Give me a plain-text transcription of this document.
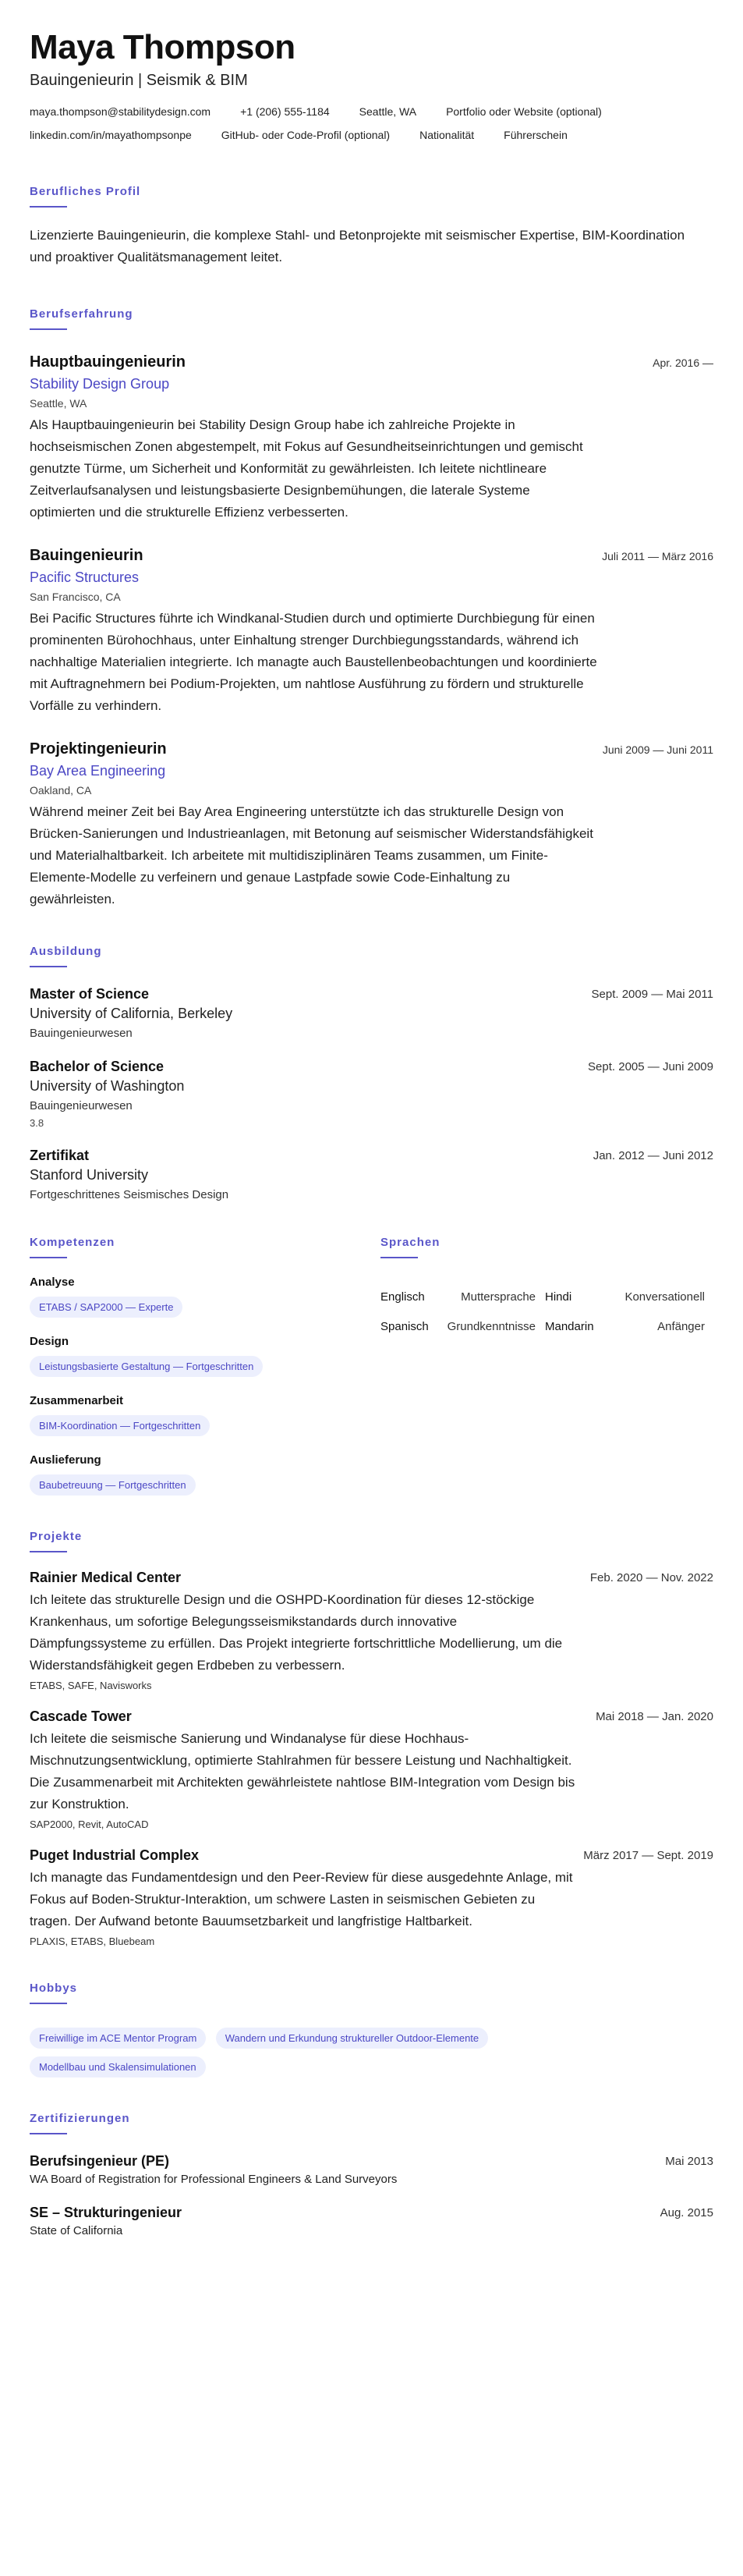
Maya Thompson
Bauingenieurin | Seismik & BIM
maya.thompson@stabilitydesign.com	+1 (206) 555-1184	Seattle, WA	Portfolio oder Website (optional)
linkedin.com/in/mayathompsonpe	GitHub- oder Code-Profil (optional)	Nationalität	Führerschein
Berufliches Profil
Lizenzierte Bauingenieurin, die komplexe Stahl- und Betonprojekte mit seismischer Expertise, BIM-Koordination und proaktiver Qualitätsmanagement leitet.
Berufserfahrung
Hauptbauingenieurin	Apr. 2016 —
Stability Design Group
Seattle, WA
Als Hauptbauingenieurin bei Stability Design Group habe ich zahlreiche Projekte in hochseismischen Zonen abgestempelt, mit Fokus auf Gesundheitseinrichtungen und gemischt genutzte Türme, um Sicherheit und Konformität zu gewährleisten. Ich leitete nichtlineare Zeitverlaufsanalysen und leistungsbasierte Designbemühungen, die laterale Systeme optimierten und die strukturelle Effizienz verbesserten.
Bauingenieurin	Juli 2011 — März 2016
Pacific Structures
San Francisco, CA
Bei Pacific Structures führte ich Windkanal-Studien durch und optimierte Durchbiegung für einen prominenten Bürohochhaus, unter Einhaltung strenger Durchbiegungsstandards, während ich nachhaltige Materialien integrierte. Ich managte auch Baustellenbeobachtungen und koordinierte mit Auftragnehmern bei Podium-Projekten, um nahtlose Ausführung zu fördern und strukturelle Vorfälle zu verhindern.
Projektingenieurin	Juni 2009 — Juni 2011
Bay Area Engineering
Oakland, CA
Während meiner Zeit bei Bay Area Engineering unterstützte ich das strukturelle Design von Brücken-Sanierungen und Industrieanlagen, mit Betonung auf seismischer Widerstandsfähigkeit und Materialhaltbarkeit. Ich arbeitete mit multidisziplinären Teams zusammen, um Finite-Elemente-Modelle zu verfeinern und genaue Lastpfade sowie Code-Einhaltung zu gewährleisten.
Ausbildung
Master of Science	Sept. 2009 — Mai 2011
University of California, Berkeley
Bauingenieurwesen
Bachelor of Science	Sept. 2005 — Juni 2009
University of Washington
Bauingenieurwesen
3.8
Zertifikat	Jan. 2012 — Juni 2012
Stanford University
Fortgeschrittenes Seismisches Design
Kompetenzen
Analyse
ETABS / SAP2000 — Experte
Design
Leistungsbasierte Gestaltung — Fortgeschritten
Zusammenarbeit
BIM-Koordination — Fortgeschritten
Auslieferung
Baubetreuung — Fortgeschritten
Sprachen
Englisch	Muttersprache Hindi	Konversationell
Spanisch	Grundkenntnisse Mandarin	Anfänger
Projekte
Rainier Medical Center	Feb. 2020 — Nov. 2022
Ich leitete das strukturelle Design und die OSHPD-Koordination für dieses 12-stöckige Krankenhaus, um sofortige Belegungsseismikstandards durch innovative Dämpfungssysteme zu erfüllen. Das Projekt integrierte fortschrittliche Modellierung, um die Widerstandsfähigkeit gegen Erdbeben zu verbessern.
ETABS, SAFE, Navisworks
Cascade Tower	Mai 2018 — Jan. 2020
Ich leitete die seismische Sanierung und Windanalyse für diese Hochhaus-Mischnutzungsentwicklung, optimierte Stahlrahmen für bessere Leistung und Nachhaltigkeit. Die Zusammenarbeit mit Architekten gewährleistete nahtlose BIM-Integration vom Design bis zur Konstruktion.
SAP2000, Revit, AutoCAD
Puget Industrial Complex	März 2017 — Sept. 2019
Ich managte das Fundamentdesign und den Peer-Review für diese ausgedehnte Anlage, mit Fokus auf Boden-Struktur-Interaktion, um schwere Lasten in seismischen Gebieten zu tragen. Der Aufwand betonte Bauumsetzbarkeit und langfristige Haltbarkeit.
PLAXIS, ETABS, Bluebeam
Hobbys
Freiwillige im ACE Mentor Program	Wandern und Erkundung struktureller Outdoor-Elemente Modellbau und Skalensimulationen
Zertifizierungen
Berufsingenieur (PE)	Mai 2013
WA Board of Registration for Professional Engineers & Land Surveyors
SE – Strukturingenieur	Aug. 2015
State of California
